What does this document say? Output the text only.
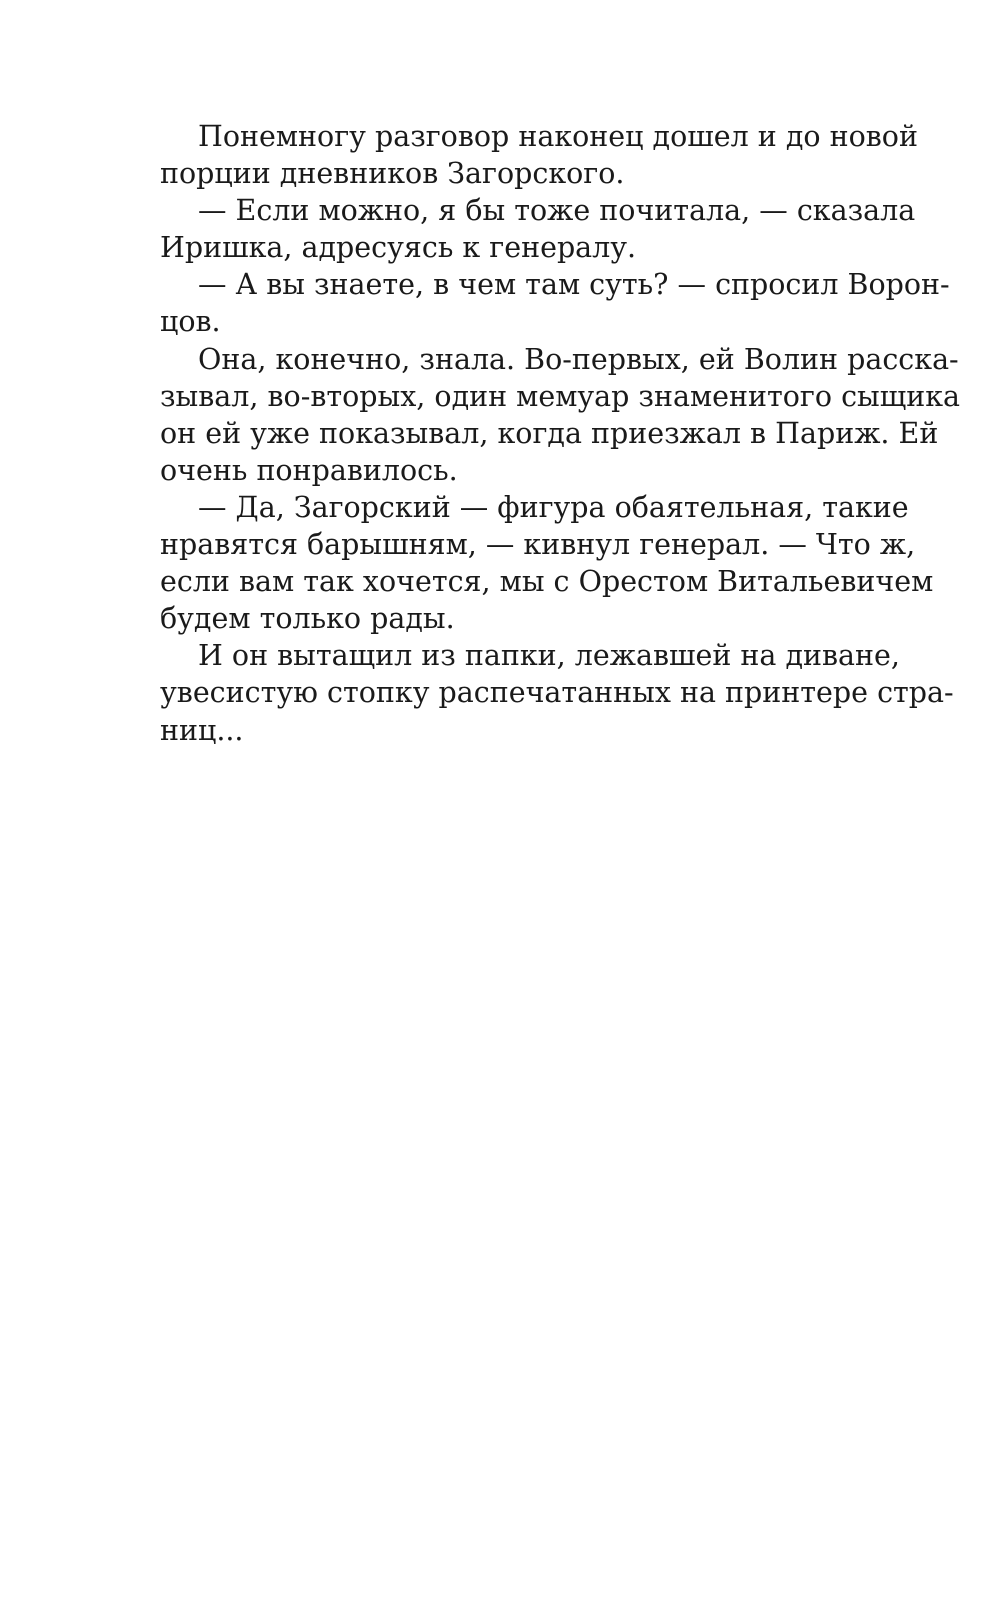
Понемногу разговор наконец дошел и до новой
порции дневников Загорского.
— Если можно, я бы тоже почитала, — сказала
Иришка, адресуясь к генералу.
— А вы знаете, в чем там суть? — спросил Ворон-
цов.
Она, конечно, знала. Во-первых, ей Волин расска-
зывал, во-вторых, один мемуар знаменитого сыщика
он ей уже показывал, когда приезжал в Париж. Ей
очень понравилось.
— Да, Загорский — фигура обаятельная, такие
нравятся барышням, — кивнул генерал. — Что ж,
если вам так хочется, мы с Орестом Витальевичем
будем только рады.
И он вытащил из папки, лежавшей на диване,
увесистую стопку распечатанных на принтере стра-
ниц...
